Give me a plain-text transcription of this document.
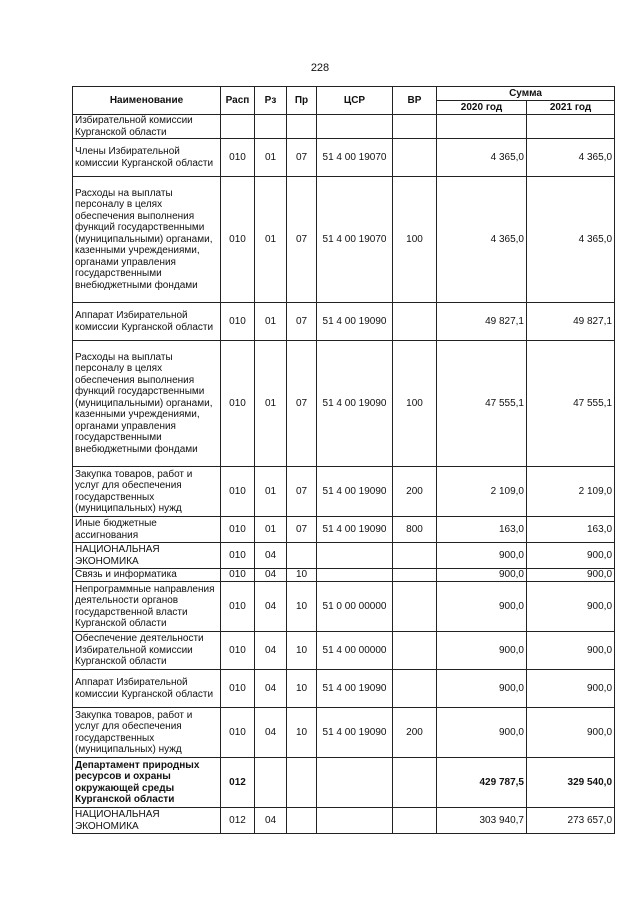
228
Наименование	Расп	Рз	Пр	ЦСР	ВР	Сумма	
						2020 год	2021 год
Избирательной комиссии Курганской области							
Члены Избирательной комиссии Курганской области	010	01	07	51 4 00 19070		4 365,0	4 365,0
Расходы на выплаты персоналу в целях обеспечения выполнения функций государственными (муниципальными) органами, казенными учреждениями, органами управления государственными внебюджетными фондами	010	01	07	51 4 00 19070	100	4 365,0	4 365,0
Аппарат Избирательной комиссии Курганской области	010	01	07	51 4 00 19090		49 827,1	49 827,1
Расходы на выплаты персоналу в целях обеспечения выполнения функций государственными (муниципальными) органами, казенными учреждениями, органами управления государственными внебюджетными фондами	010	01	07	51 4 00 19090	100	47 555,1	47 555,1
Закупка товаров, работ и услуг для обеспечения государственных (муниципальных) нужд	010	01	07	51 4 00 19090	200	2 109,0	2 109,0
Иные бюджетные ассигнования	010	01	07	51 4 00 19090	800	163,0	163,0
НАЦИОНАЛЬНАЯ ЭКОНОМИКА	010	04				900,0	900,0
Связь и информатика	010	04	10			900,0	900,0
Непрограммные направления деятельности органов государственной власти Курганской области	010	04	10	51 0 00 00000		900,0	900,0
Обеспечение деятельности Избирательной комиссии Курганской области	010	04	10	51 4 00 00000		900,0	900,0
Аппарат Избирательной комиссии Курганской области	010	04	10	51 4 00 19090		900,0	900,0
Закупка товаров, работ и услуг для обеспечения государственных (муниципальных) нужд	010	04	10	51 4 00 19090	200	900,0	900,0
Департамент природных ресурсов и охраны окружающей среды Курганской области	012					429 787,5	329 540,0
НАЦИОНАЛЬНАЯ ЭКОНОМИКА	012	04				303 940,7	273 657,0
